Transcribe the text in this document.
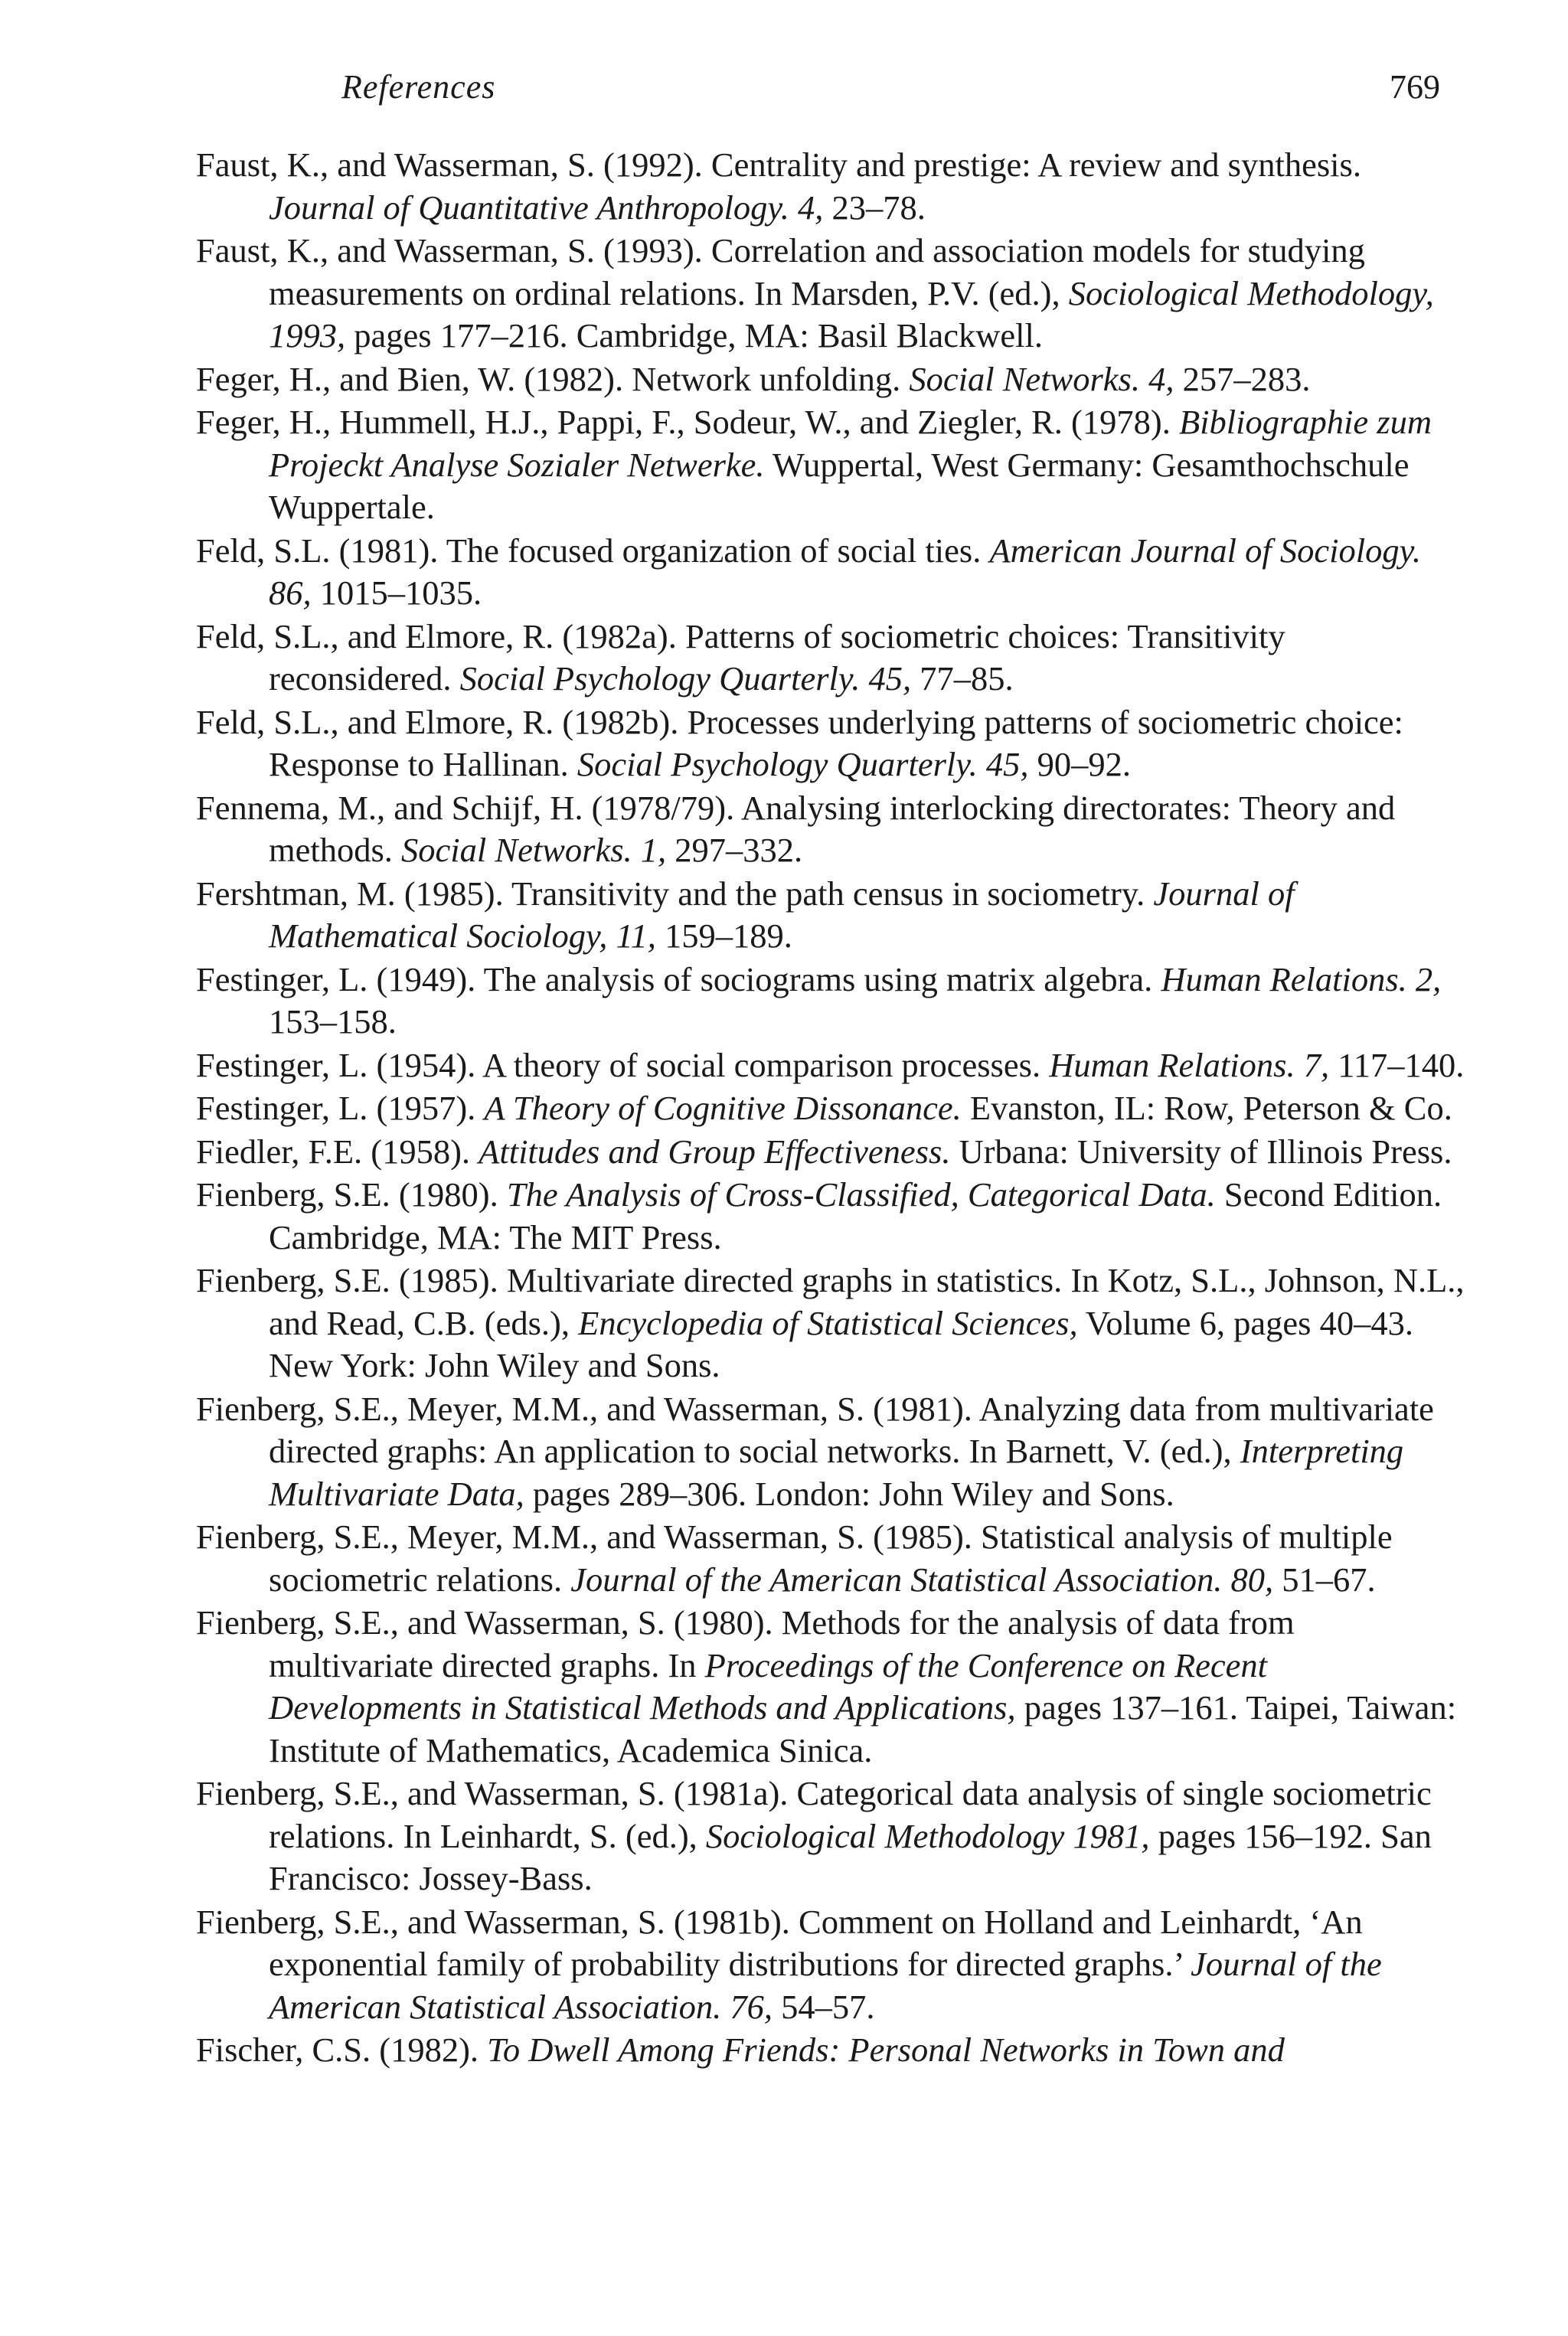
References	769

Faust, K., and Wasserman, S. (1992). Centrality and prestige: A review and synthesis. Journal of Quantitative Anthropology. 4, 23–78.

Faust, K., and Wasserman, S. (1993). Correlation and association models for studying measurements on ordinal relations. In Marsden, P.V. (ed.), Sociological Methodology, 1993, pages 177–216. Cambridge, MA: Basil Blackwell.

Feger, H., and Bien, W. (1982). Network unfolding. Social Networks. 4, 257–283.

Feger, H., Hummell, H.J., Pappi, F., Sodeur, W., and Ziegler, R. (1978). Bibliographie zum Projeckt Analyse Sozialer Netwerke. Wuppertal, West Germany: Gesamthochschule Wuppertale.

Feld, S.L. (1981). The focused organization of social ties. American Journal of Sociology. 86, 1015–1035.

Feld, S.L., and Elmore, R. (1982a). Patterns of sociometric choices: Transitivity reconsidered. Social Psychology Quarterly. 45, 77–85.

Feld, S.L., and Elmore, R. (1982b). Processes underlying patterns of sociometric choice: Response to Hallinan. Social Psychology Quarterly. 45, 90–92.

Fennema, M., and Schijf, H. (1978/79). Analysing interlocking directorates: Theory and methods. Social Networks. 1, 297–332.

Fershtman, M. (1985). Transitivity and the path census in sociometry. Journal of Mathematical Sociology, 11, 159–189.

Festinger, L. (1949). The analysis of sociograms using matrix algebra. Human Relations. 2, 153–158.

Festinger, L. (1954). A theory of social comparison processes. Human Relations. 7, 117–140.

Festinger, L. (1957). A Theory of Cognitive Dissonance. Evanston, IL: Row, Peterson & Co.

Fiedler, F.E. (1958). Attitudes and Group Effectiveness. Urbana: University of Illinois Press.

Fienberg, S.E. (1980). The Analysis of Cross-Classified, Categorical Data. Second Edition. Cambridge, MA: The MIT Press.

Fienberg, S.E. (1985). Multivariate directed graphs in statistics. In Kotz, S.L., Johnson, N.L., and Read, C.B. (eds.), Encyclopedia of Statistical Sciences, Volume 6, pages 40–43. New York: John Wiley and Sons.

Fienberg, S.E., Meyer, M.M., and Wasserman, S. (1981). Analyzing data from multivariate directed graphs: An application to social networks. In Barnett, V. (ed.), Interpreting Multivariate Data, pages 289–306. London: John Wiley and Sons.

Fienberg, S.E., Meyer, M.M., and Wasserman, S. (1985). Statistical analysis of multiple sociometric relations. Journal of the American Statistical Association. 80, 51–67.

Fienberg, S.E., and Wasserman, S. (1980). Methods for the analysis of data from multivariate directed graphs. In Proceedings of the Conference on Recent Developments in Statistical Methods and Applications, pages 137–161. Taipei, Taiwan: Institute of Mathematics, Academica Sinica.

Fienberg, S.E., and Wasserman, S. (1981a). Categorical data analysis of single sociometric relations. In Leinhardt, S. (ed.), Sociological Methodology 1981, pages 156–192. San Francisco: Jossey-Bass.

Fienberg, S.E., and Wasserman, S. (1981b). Comment on Holland and Leinhardt, ‘An exponential family of probability distributions for directed graphs.’ Journal of the American Statistical Association. 76, 54–57.

Fischer, C.S. (1982). To Dwell Among Friends: Personal Networks in Town and
